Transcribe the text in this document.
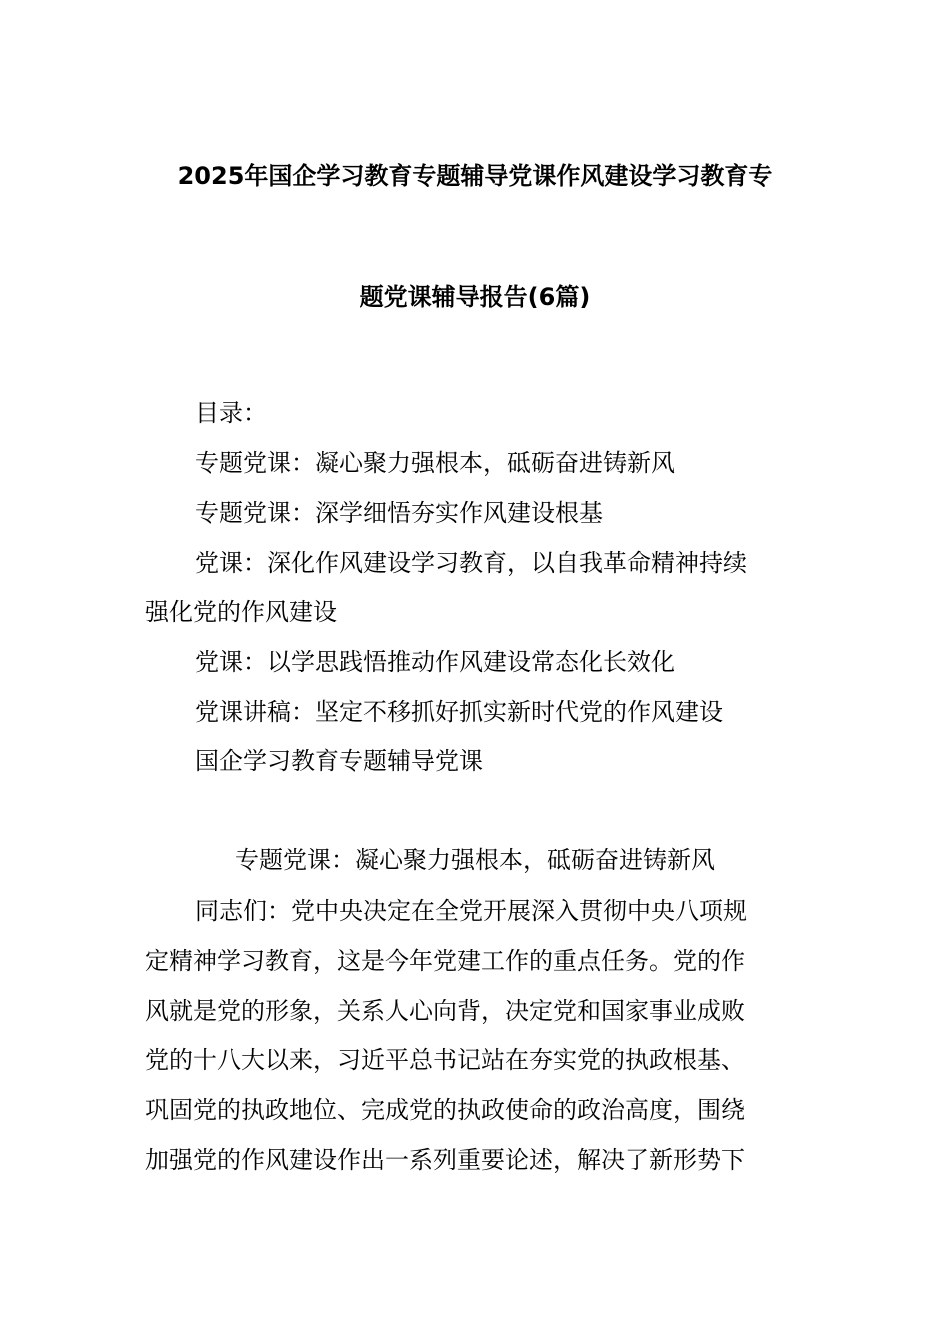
2025年国企学习教育专题辅导党课作风建设学习教育专
题党课辅导报告(6篇)
目录：
专题党课：凝心聚力强根本，砥砺奋进铸新风
专题党课：深学细悟夯实作风建设根基
党课：深化作风建设学习教育，以自我革命精神持续
强化党的作风建设
党课：以学思践悟推动作风建设常态化长效化
党课讲稿：坚定不移抓好抓实新时代党的作风建设
国企学习教育专题辅导党课
专题党课：凝心聚力强根本，砥砺奋进铸新风
同志们：党中央决定在全党开展深入贯彻中央八项规
定精神学习教育，这是今年党建工作的重点任务。党的作
风就是党的形象，关系人心向背，决定党和国家事业成败
党的十八大以来，习近平总书记站在夯实党的执政根基、
巩固党的执政地位、完成党的执政使命的政治高度，围绕
加强党的作风建设作出一系列重要论述，解决了新形势下
